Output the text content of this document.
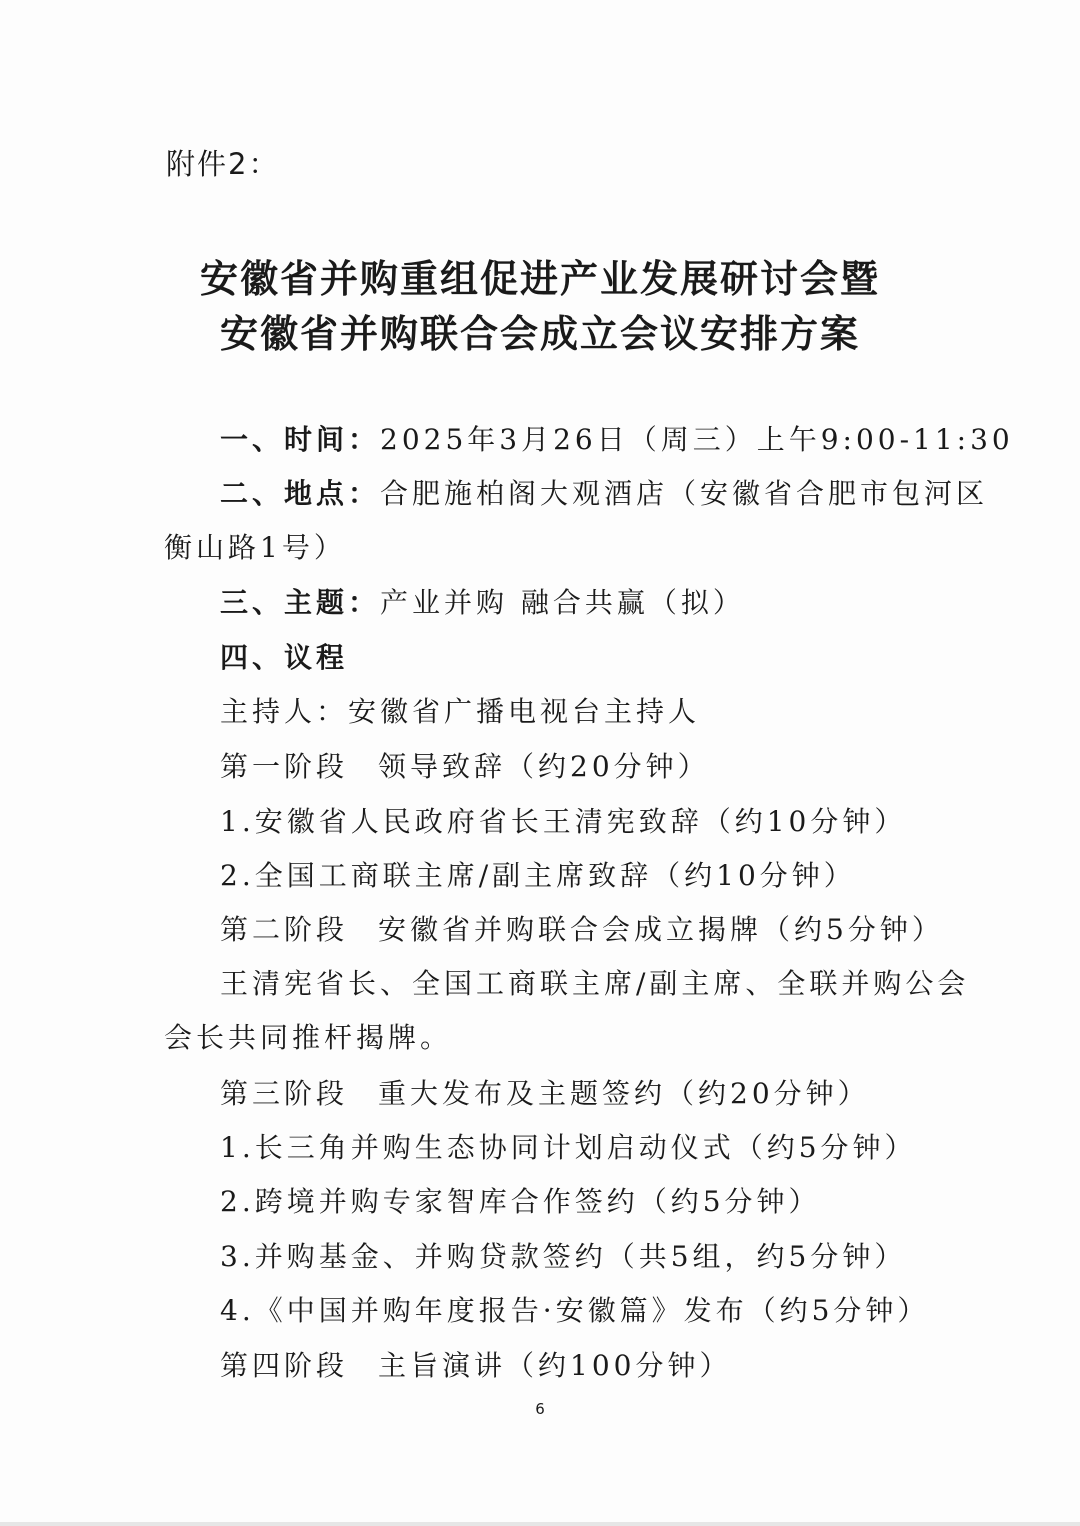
附件2：
安徽省并购重组促进产业发展研讨会暨
安徽省并购联合会成立会议安排方案
一、时间：2025年3月26日（周三）上午9:00-11:30
二、地点：合肥施柏阁大观酒店（安徽省合肥市包河区
衡山路1号）
三、主题：产业并购 融合共赢（拟）
四、议程
主持人：安徽省广播电视台主持人
第一阶段 领导致辞（约20分钟）
1.安徽省人民政府省长王清宪致辞（约10分钟）
2.全国工商联主席/副主席致辞（约10分钟）
第二阶段 安徽省并购联合会成立揭牌（约5分钟）
王清宪省长、全国工商联主席/副主席、全联并购公会
会长共同推杆揭牌。
第三阶段 重大发布及主题签约（约20分钟）
1.长三角并购生态协同计划启动仪式（约5分钟）
2.跨境并购专家智库合作签约（约5分钟）
3.并购基金、并购贷款签约（共5组，约5分钟）
4.《中国并购年度报告·安徽篇》发布（约5分钟）
第四阶段 主旨演讲（约100分钟）
6
